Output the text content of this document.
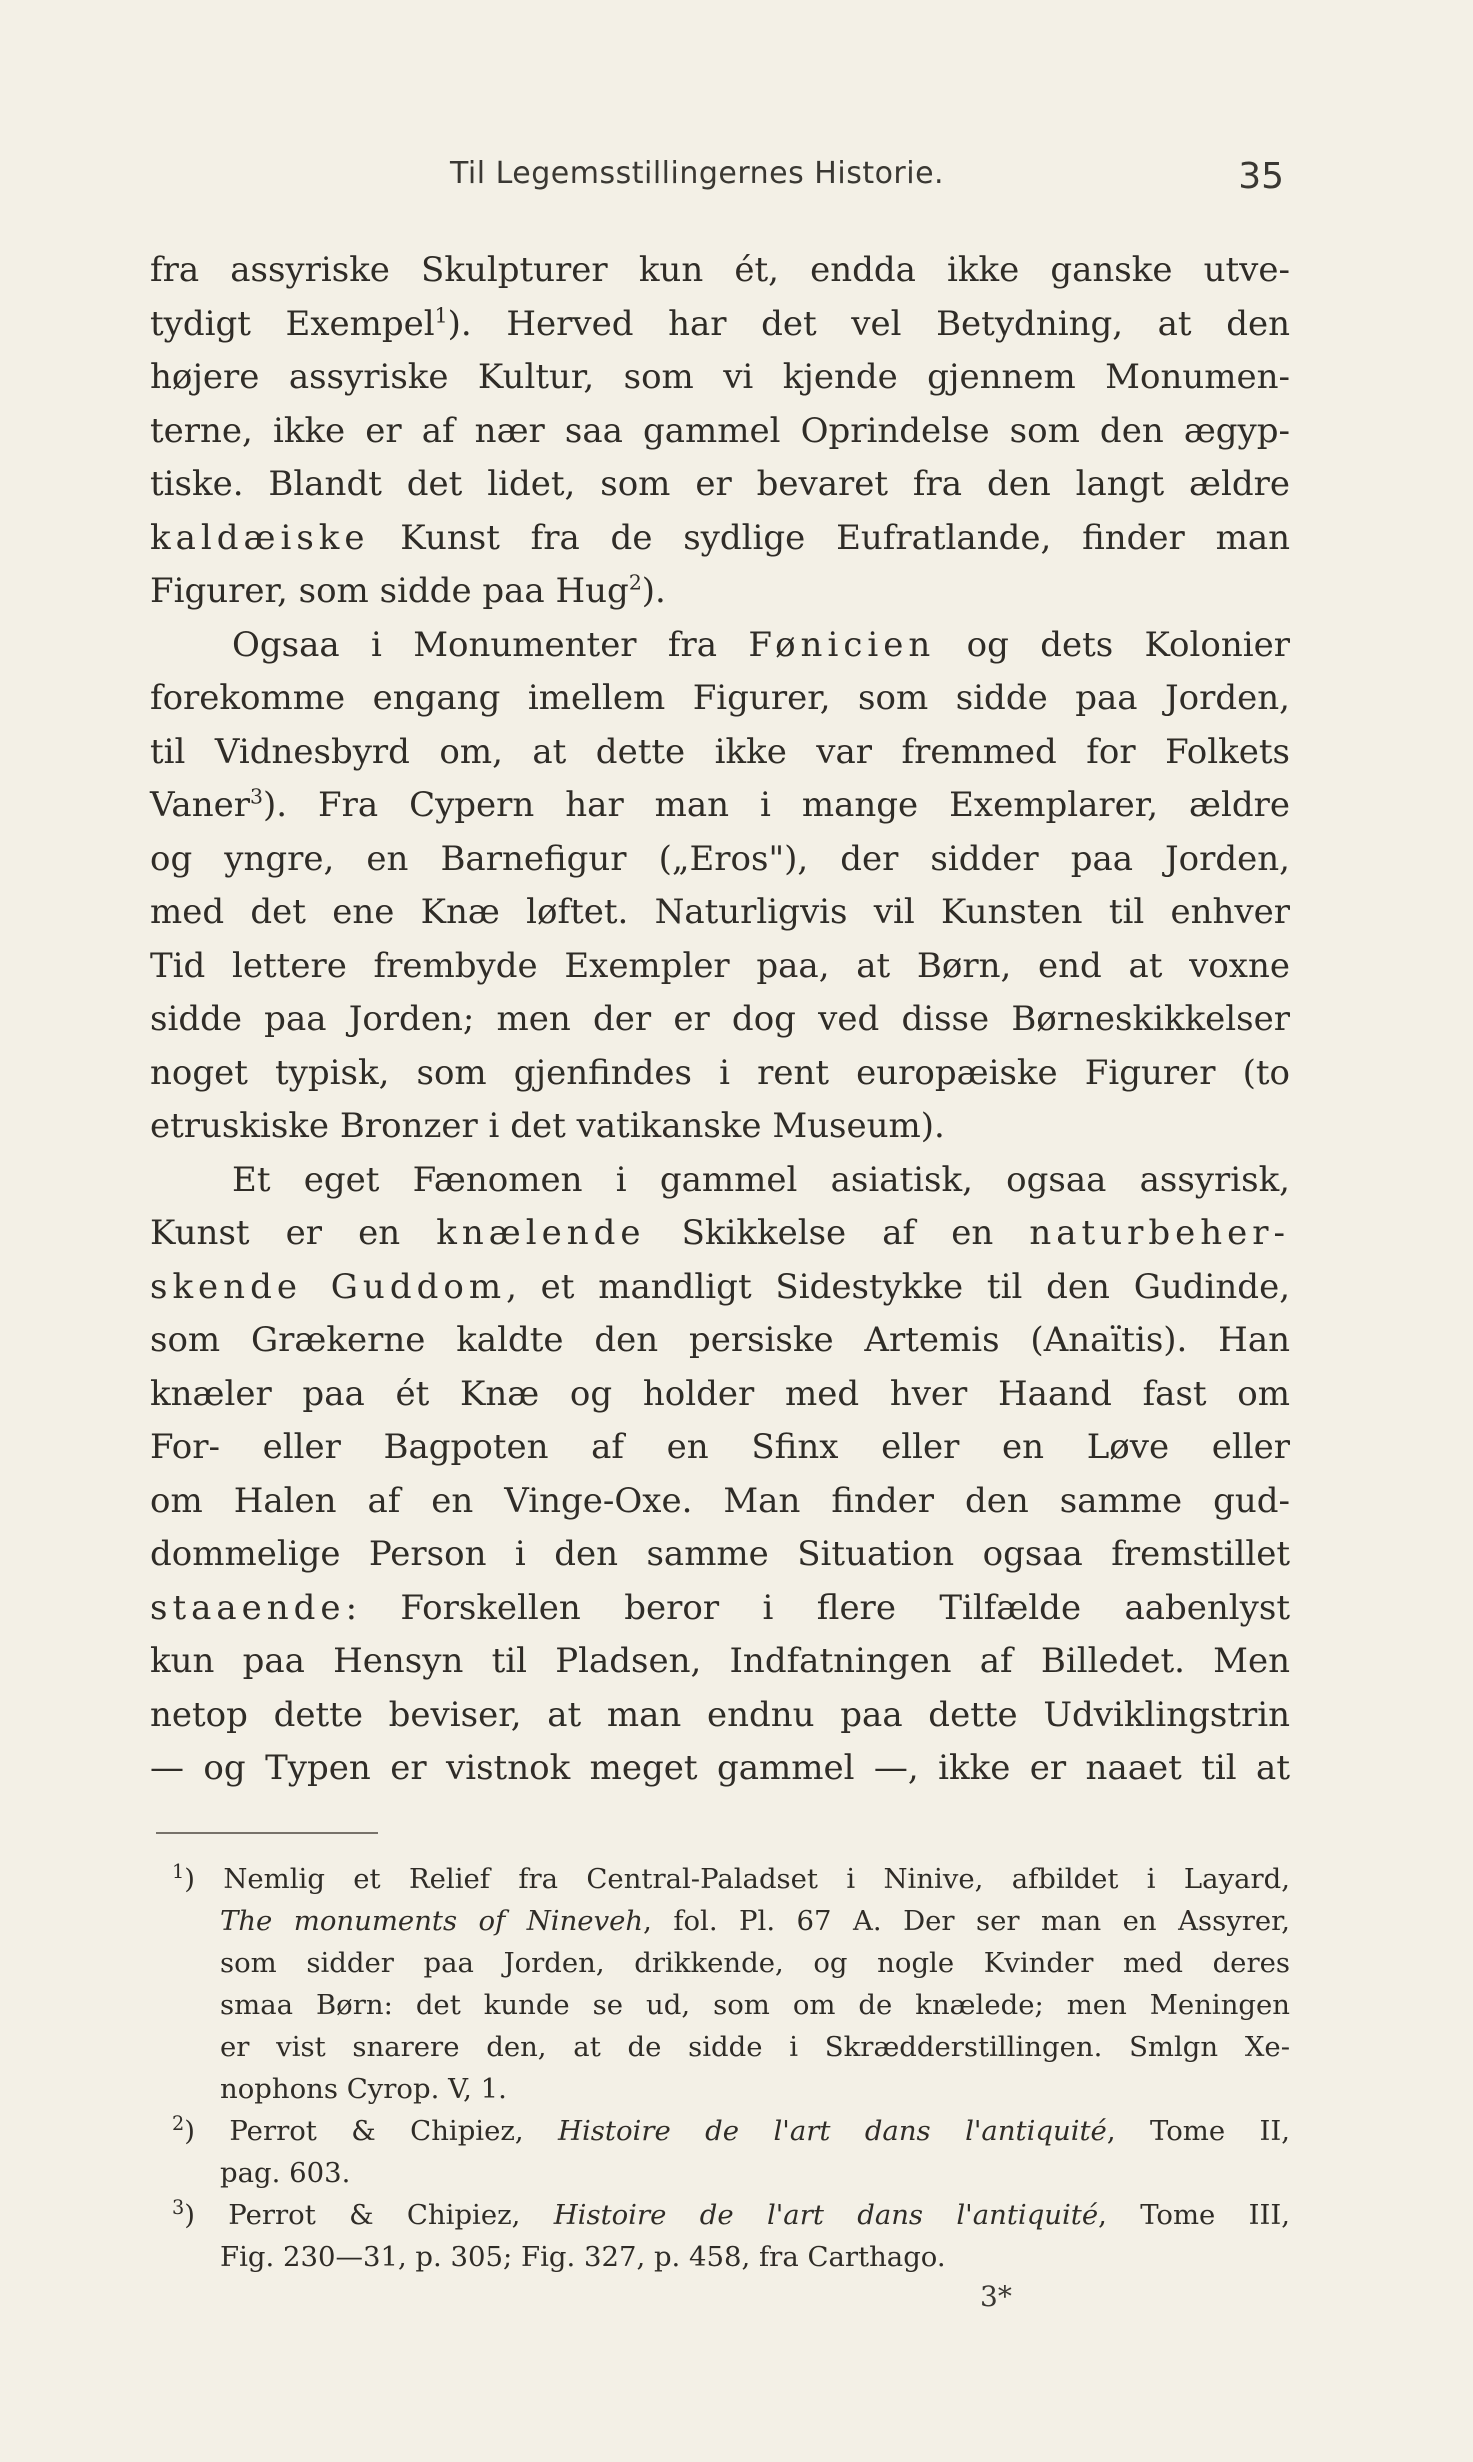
Til Legemsstillingernes Historie.	35
fra assyriske Skulpturer kun ét, endda ikke ganske utve-
tydigt Exempel$^1$). Herved har det vel Betydning, at den
højere assyriske Kultur, som vi kjende gjennem Monumen-
terne, ikke er af nær saa gammel Oprindelse som den ægyp-
tiske. Blandt det lidet, som er bevaret fra den langt ældre
kaldæiske Kunst fra de sydlige Eufratlande, finder man
Figurer, som sidde paa Hug$^2$).
Ogsaa i Monumenter fra Fønicien og dets Kolonier
forekomme engang imellem Figurer, som sidde paa Jorden,
til Vidnesbyrd om, at dette ikke var fremmed for Folkets
Vaner$^3$). Fra Cypern har man i mange Exemplarer, ældre
og yngre, en Barnefigur („Eros"), der sidder paa Jorden,
med det ene Knæ løftet. Naturligvis vil Kunsten til enhver
Tid lettere frembyde Exempler paa, at Børn, end at voxne
sidde paa Jorden; men der er dog ved disse Børneskikkelser
noget typisk, som gjenfindes i rent europæiske Figurer (to
etruskiske Bronzer i det vatikanske Museum).
Et eget Fænomen i gammel asiatisk, ogsaa assyrisk,
Kunst er en knælende Skikkelse af en naturbeher-
skende Guddom, et mandligt Sidestykke til den Gudinde,
som Grækerne kaldte den persiske Artemis (Anaïtis). Han
knæler paa ét Knæ og holder med hver Haand fast om
For- eller Bagpoten af en Sfinx eller en Løve eller
om Halen af en Vinge-Oxe. Man finder den samme gud-
dommelige Person i den samme Situation ogsaa fremstillet
staaende: Forskellen beror i flere Tilfælde aabenlyst
kun paa Hensyn til Pladsen, Indfatningen af Billedet. Men
netop dette beviser, at man endnu paa dette Udviklingstrin
— og Typen er vistnok meget gammel —, ikke er naaet til at
$^1$) Nemlig et Relief fra Central-Paladset i Ninive, afbildet i Layard,
The monuments of Nineveh, fol. Pl. 67 A. Der ser man en Assyrer,
som sidder paa Jorden, drikkende, og nogle Kvinder med deres
smaa Børn: det kunde se ud, som om de knælede; men Meningen
er vist snarere den, at de sidde i Skrædderstillingen. Smlgn Xe-
nophons Cyrop. V, 1.
$^2$) Perrot & Chipiez, Histoire de l'art dans l'antiquité, Tome II,
pag. 603.
$^3$) Perrot & Chipiez, Histoire de l'art dans l'antiquité, Tome III,
Fig. 230—31, p. 305; Fig. 327, p. 458, fra Carthago.
3*
